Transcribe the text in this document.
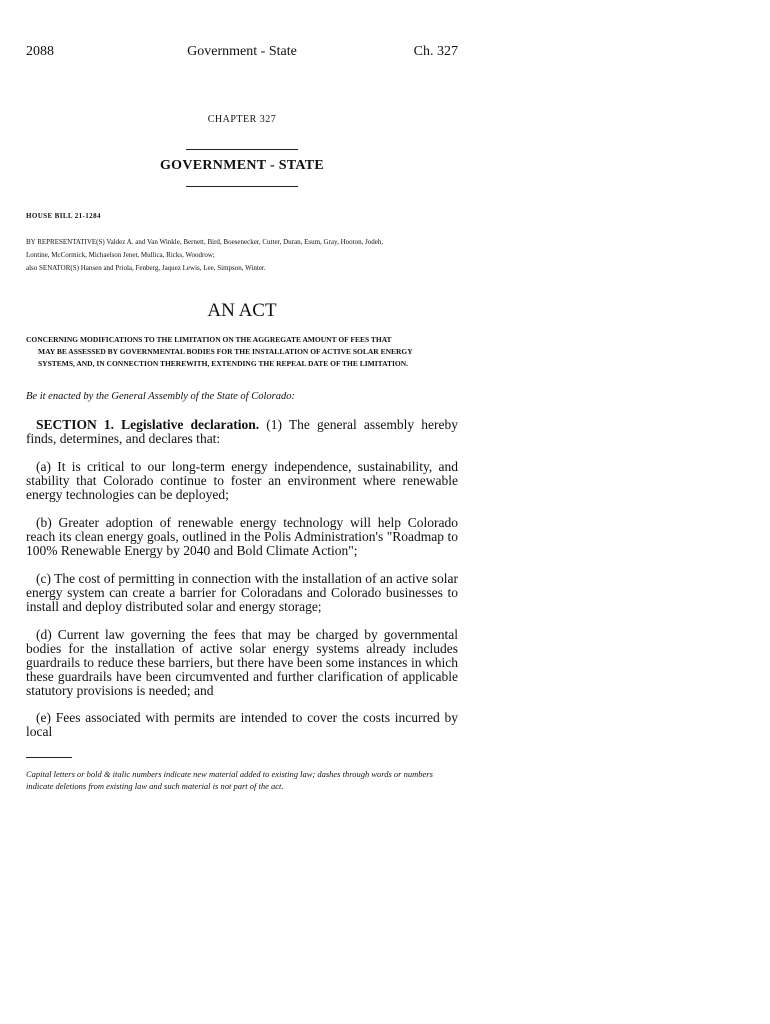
2088	Government - State	Ch. 327
CHAPTER 327
GOVERNMENT - STATE
HOUSE BILL 21-1284
BY REPRESENTATIVE(S) Valdez A. and Van Winkle, Bernett, Bird, Boesenecker, Cutter, Duran, Esum, Gray, Hooton, Jodeh,
Lontine, McCormick, Michaelson Jenet, Mullica, Ricks, Woodrow;
also SENATOR(S) Hansen and Priola, Fenberg, Jaquez Lewis, Lee, Simpson, Winter.
AN ACT
CONCERNING MODIFICATIONS TO THE LIMITATION ON THE AGGREGATE AMOUNT OF FEES THAT
MAY BE ASSESSED BY GOVERNMENTAL BODIES FOR THE INSTALLATION OF ACTIVE SOLAR ENERGY
SYSTEMS, AND, IN CONNECTION THEREWITH, EXTENDING THE REPEAL DATE OF THE LIMITATION.
Be it enacted by the General Assembly of the State of Colorado:
SECTION 1. Legislative declaration. (1) The general assembly hereby finds, determines, and declares that:
(a) It is critical to our long-term energy independence, sustainability, and stability that Colorado continue to foster an environment where renewable energy technologies can be deployed;
(b) Greater adoption of renewable energy technology will help Colorado reach its clean energy goals, outlined in the Polis Administration's "Roadmap to 100% Renewable Energy by 2040 and Bold Climate Action";
(c) The cost of permitting in connection with the installation of an active solar energy system can create a barrier for Coloradans and Colorado businesses to install and deploy distributed solar and energy storage;
(d) Current law governing the fees that may be charged by governmental bodies for the installation of active solar energy systems already includes guardrails to reduce these barriers, but there have been some instances in which these guardrails have been circumvented and further clarification of applicable statutory provisions is needed; and
(e) Fees associated with permits are intended to cover the costs incurred by local
Capital letters or bold & italic numbers indicate new material added to existing law; dashes through words or numbers indicate deletions from existing law and such material is not part of the act.
